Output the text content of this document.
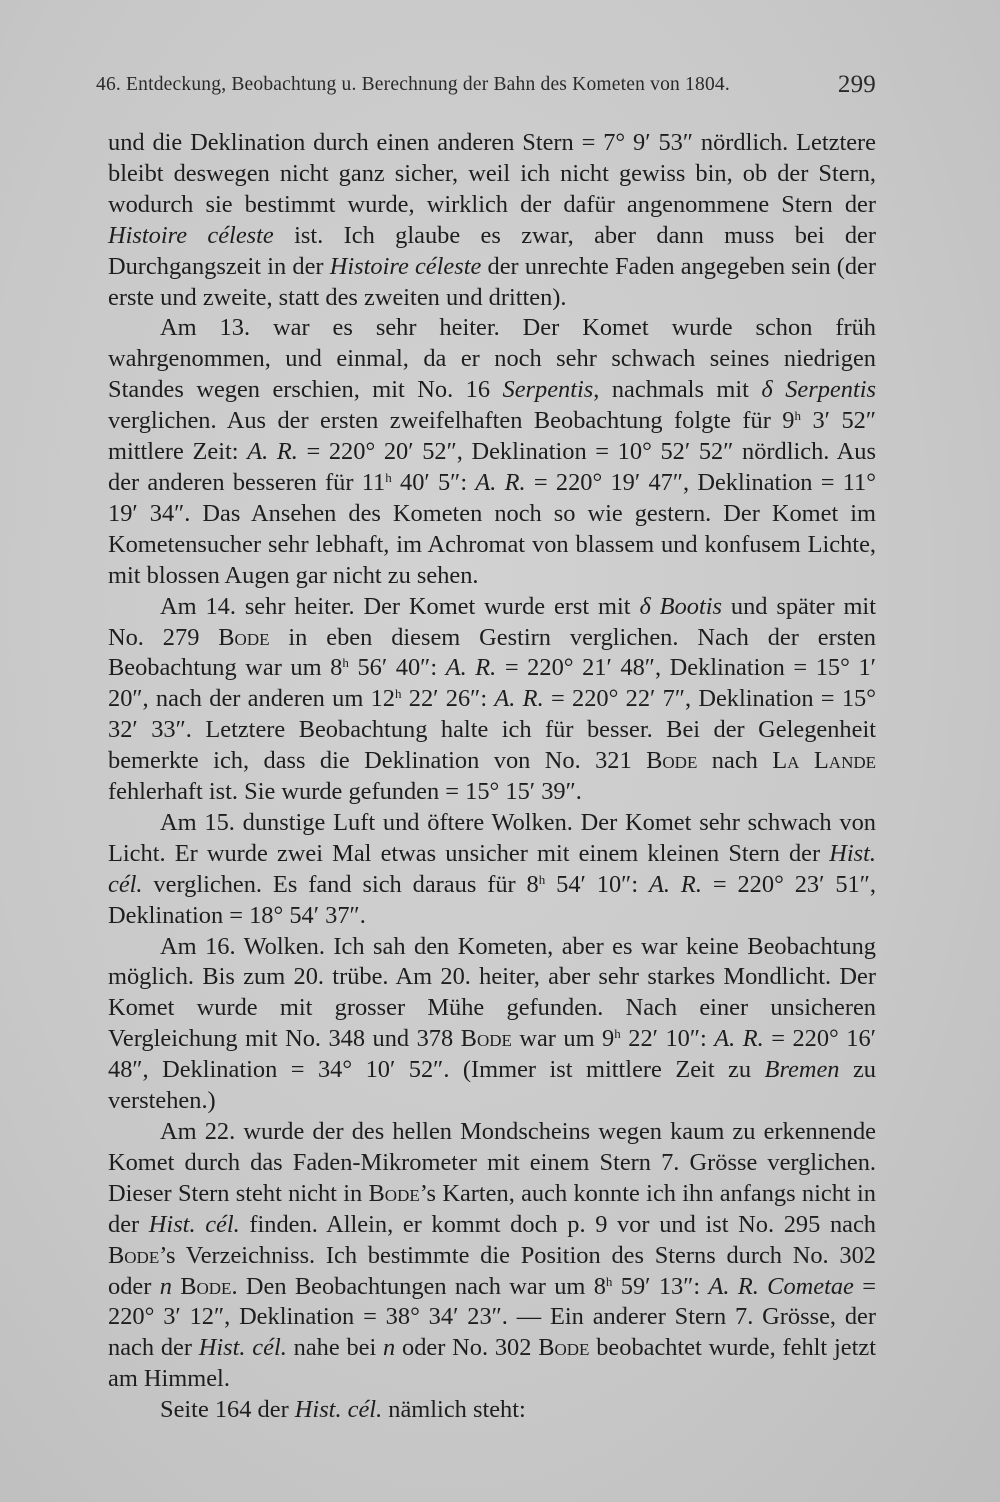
46. Entdeckung, Beobachtung u. Berechnung der Bahn des Kometen von 1804.	299

und die Deklination durch einen anderen Stern = 7° 9′ 53″ nördlich. Letztere bleibt deswegen nicht ganz sicher, weil ich nicht gewiss bin, ob der Stern, wodurch sie bestimmt wurde, wirklich der dafür angenommene Stern der Histoire céleste ist. Ich glaube es zwar, aber dann muss bei der Durchgangszeit in der Histoire céleste der unrechte Faden angegeben sein (der erste und zweite, statt des zweiten und dritten).

Am 13. war es sehr heiter. Der Komet wurde schon früh wahrgenommen, und einmal, da er noch sehr schwach seines niedrigen Standes wegen erschien, mit No. 16 Serpentis, nachmals mit δ Serpentis verglichen. Aus der ersten zweifelhaften Beobachtung folgte für 9$^h$ 3′ 52″ mittlere Zeit: A. R. = 220° 20′ 52″, Deklination = 10° 52′ 52″ nördlich. Aus der anderen besseren für 11$^h$ 40′ 5″: A. R. = 220° 19′ 47″, Deklination = 11° 19′ 34″. Das Ansehen des Kometen noch so wie gestern. Der Komet im Kometensucher sehr lebhaft, im Achromat von blassem und konfusem Lichte, mit blossen Augen gar nicht zu sehen.

Am 14. sehr heiter. Der Komet wurde erst mit δ Bootis und später mit No. 279 Bode in eben diesem Gestirn verglichen. Nach der ersten Beobachtung war um 8$^h$ 56′ 40″: A. R. = 220° 21′ 48″, Deklination = 15° 1′ 20″, nach der anderen um 12$^h$ 22′ 26″: A. R. = 220° 22′ 7″, Deklination = 15° 32′ 33″. Letztere Beobachtung halte ich für besser. Bei der Gelegenheit bemerkte ich, dass die Deklination von No. 321 Bode nach La Lande fehlerhaft ist. Sie wurde gefunden = 15° 15′ 39″.

Am 15. dunstige Luft und öftere Wolken. Der Komet sehr schwach von Licht. Er wurde zwei Mal etwas unsicher mit einem kleinen Stern der Hist. cél. verglichen. Es fand sich daraus für 8$^h$ 54′ 10″: A. R. = 220° 23′ 51″, Deklination = 18° 54′ 37″.

Am 16. Wolken. Ich sah den Kometen, aber es war keine Beobachtung möglich. Bis zum 20. trübe. Am 20. heiter, aber sehr starkes Mondlicht. Der Komet wurde mit grosser Mühe gefunden. Nach einer unsicheren Vergleichung mit No. 348 und 378 Bode war um 9$^h$ 22′ 10″: A. R. = 220° 16′ 48″, Deklination = 34° 10′ 52″. (Immer ist mittlere Zeit zu Bremen zu verstehen.)

Am 22. wurde der des hellen Mondscheins wegen kaum zu erkennende Komet durch das Faden-Mikrometer mit einem Stern 7. Grösse verglichen. Dieser Stern steht nicht in Bode’s Karten, auch konnte ich ihn anfangs nicht in der Hist. cél. finden. Allein, er kommt doch p. 9 vor und ist No. 295 nach Bode’s Verzeichniss. Ich bestimmte die Position des Sterns durch No. 302 oder n Bode. Den Beobachtungen nach war um 8$^h$ 59′ 13″: A. R. Cometae = 220° 3′ 12″, Deklination = 38° 34′ 23″. — Ein anderer Stern 7. Grösse, der nach der Hist. cél. nahe bei n oder No. 302 Bode beobachtet wurde, fehlt jetzt am Himmel.

Seite 164 der Hist. cél. nämlich steht:
